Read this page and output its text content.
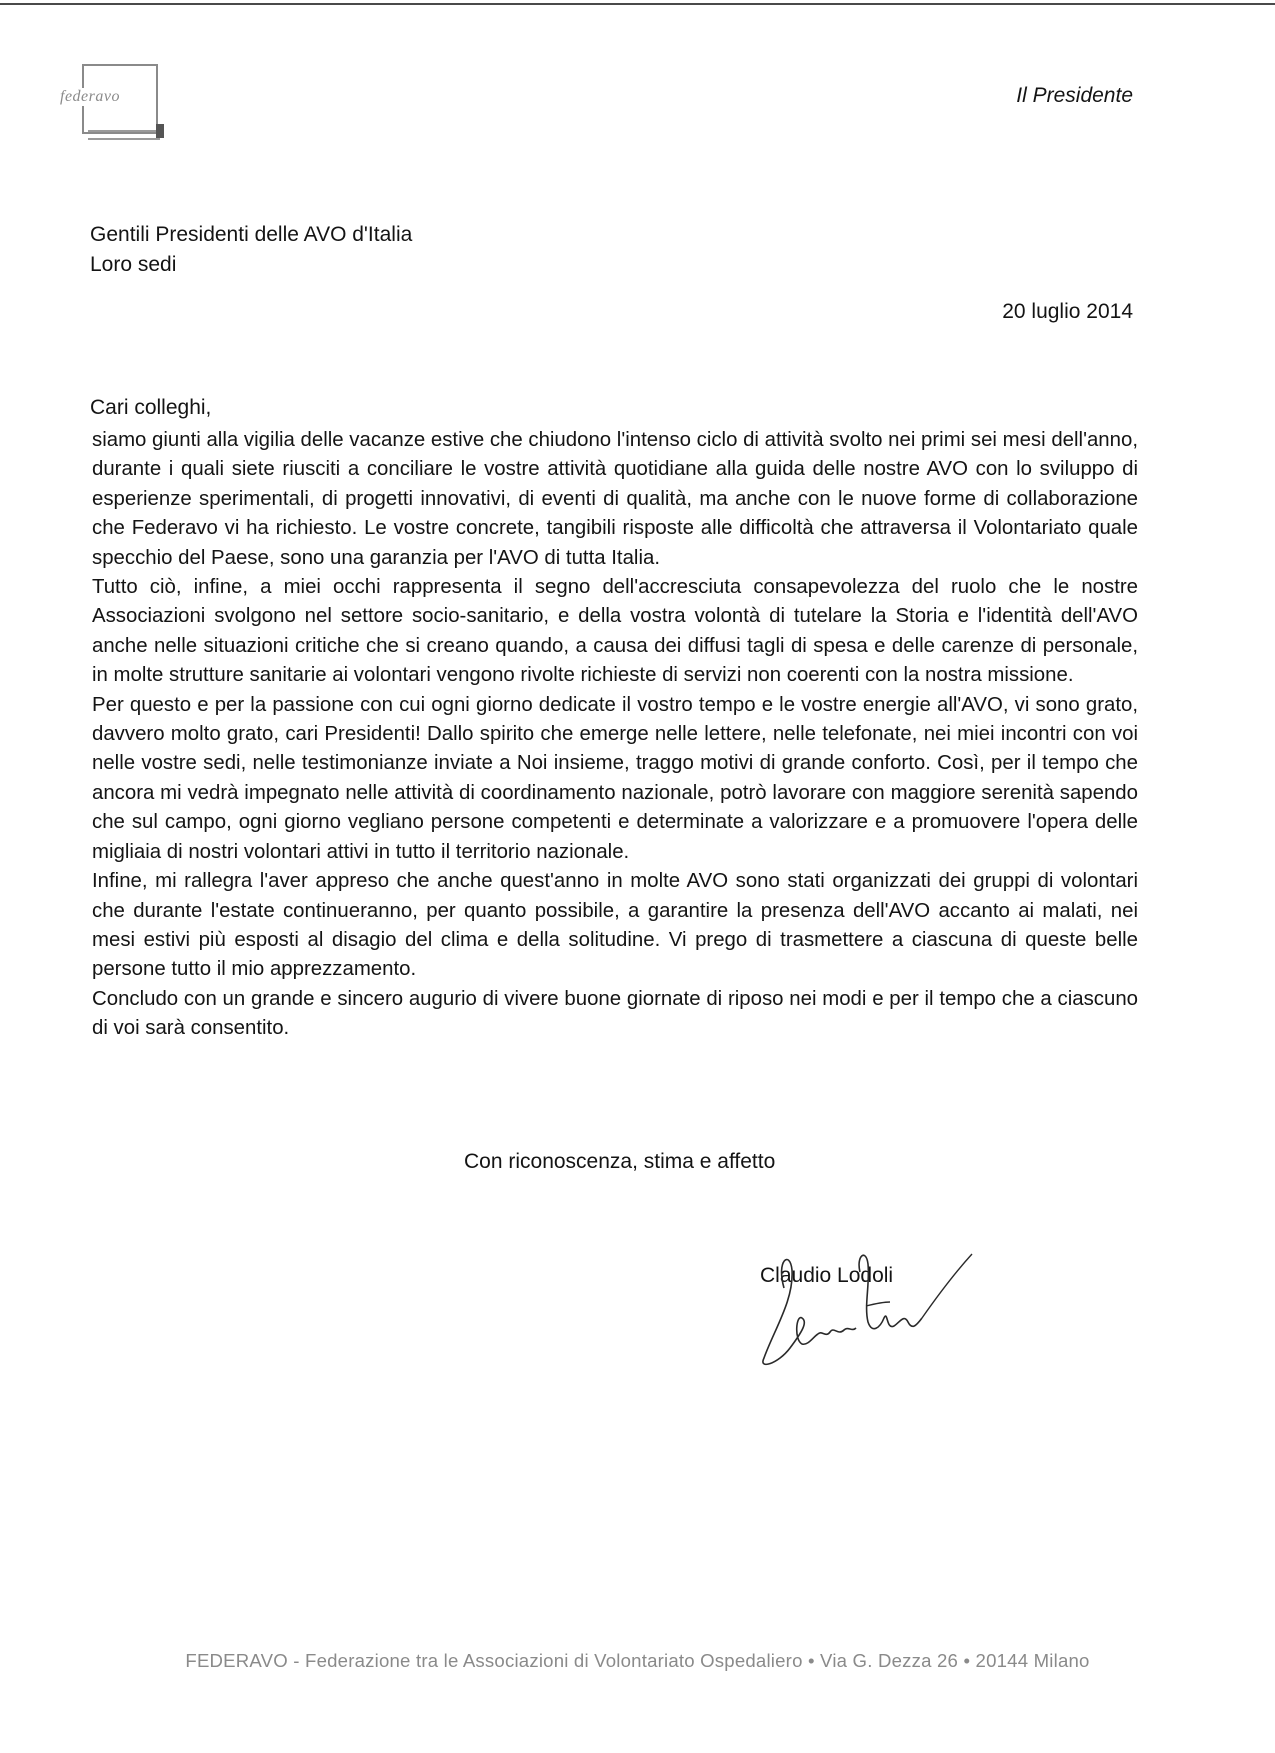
federavo	Il Presidente
Gentili Presidenti delle AVO d'Italia
Loro sedi
20 luglio 2014
Cari colleghi,

siamo giunti alla vigilia delle vacanze estive che chiudono l'intenso ciclo di attività svolto nei primi sei mesi dell'anno, durante i quali siete riusciti a conciliare le vostre attività quotidiane alla guida delle nostre AVO con lo sviluppo di esperienze sperimentali, di progetti innovativi, di eventi di qualità, ma anche con le nuove forme di collaborazione che Federavo vi ha richiesto. Le vostre concrete, tangibili risposte alle difficoltà che attraversa il Volontariato quale specchio del Paese, sono una garanzia per l'AVO di tutta Italia.

Tutto ciò, infine, a miei occhi rappresenta il segno dell'accresciuta consapevolezza del ruolo che le nostre Associazioni svolgono nel settore socio-sanitario, e della vostra volontà di tutelare la Storia e l'identità dell'AVO anche nelle situazioni critiche che si creano quando, a causa dei diffusi tagli di spesa e delle carenze di personale, in molte strutture sanitarie ai volontari vengono rivolte richieste di servizi non coerenti con la nostra missione.

Per questo e per la passione con cui ogni giorno dedicate il vostro tempo e le vostre energie all'AVO, vi sono grato, davvero molto grato, cari Presidenti! Dallo spirito che emerge nelle lettere, nelle telefonate, nei miei incontri con voi nelle vostre sedi, nelle testimonianze inviate a Noi insieme, traggo motivi di grande conforto. Così, per il tempo che ancora mi vedrà impegnato nelle attività di coordinamento nazionale, potrò lavorare con maggiore serenità sapendo che sul campo, ogni giorno vegliano persone competenti e determinate a valorizzare e a promuovere l'opera delle migliaia di nostri volontari attivi in tutto il territorio nazionale.

Infine, mi rallegra l'aver appreso che anche quest'anno in molte AVO sono stati organizzati dei gruppi di volontari che durante l'estate continueranno, per quanto possibile, a garantire la presenza dell'AVO accanto ai malati, nei mesi estivi più esposti al disagio del clima e della solitudine. Vi prego di trasmettere a ciascuna di queste belle persone tutto il mio apprezzamento.

Concludo con un grande e sincero augurio di vivere buone giornate di riposo nei modi e per il tempo che a ciascuno di voi sarà consentito.

Con riconoscenza, stima e affetto
Claudio Lodoli
FEDERAVO - Federazione tra le Associazioni di Volontariato Ospedaliero • Via G. Dezza 26 • 20144 Milano
